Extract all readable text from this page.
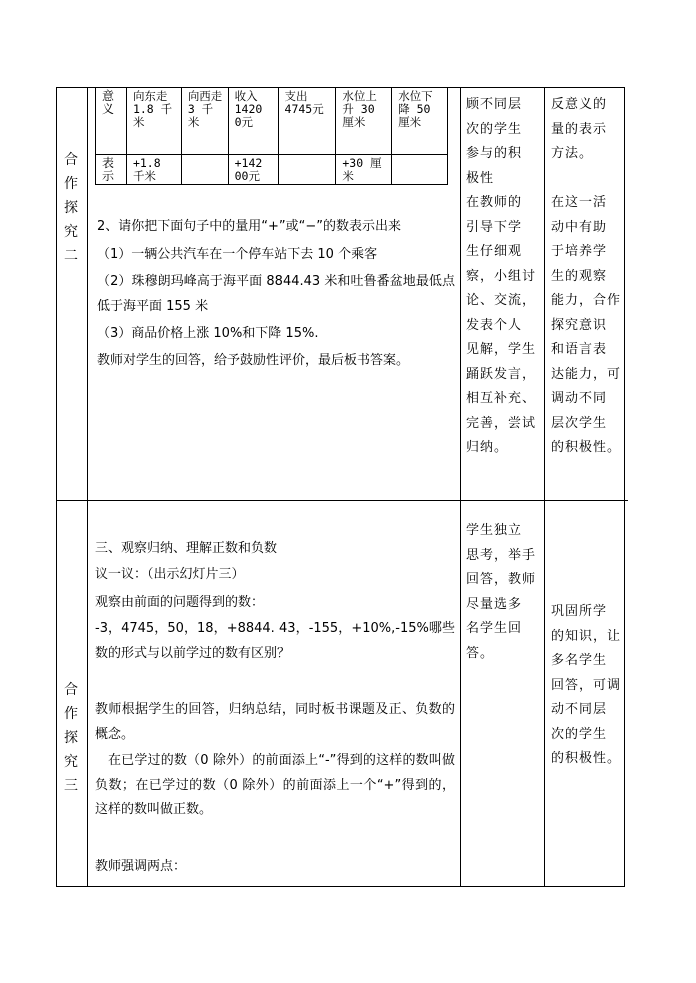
合
作
探
究
二
意义	向东走 1.8 千米	向西走 3 千米	收入 1420 0元	支出 4745元	水位上升 30 厘米	水位下降 50 厘米
表示	+1.8 千米		+142 00元		+30 厘米	
2、请你把下面句子中的量用“+”或“−”的数表示出来
（1）一辆公共汽车在一个停车站下去 10 个乘客
（2）珠穆朗玛峰高于海平面 8844.43 米和吐鲁番盆地最低点低于海平面 155 米
（3）商品价格上涨 10%和下降 15%.
教师对学生的回答，给予鼓励性评价，最后板书答案。
顾不同层
次的学生
参与的积
极性
在教师的
引导下学
生仔细观
察，小组讨
论、交流，
发表个人
见解，学生
踊跃发言，
相互补充、
完善，尝试
归纳。
反意义的
量的表示
方法。

在这一活
动中有助
于培养学
生的观察
能力，合作
探究意识
和语言表
达能力，可
调动不同
层次学生
的积极性。
合
作
探
究
三
三、观察归纳、理解正数和负数
议一议：（出示幻灯片三）
观察由前面的问题得到的数：
-3，4745，50，18，+8844. 43，-155，+10%,-15%哪些数的形式与以前学过的数有区别？
教师根据学生的回答，归纳总结，同时板书课题及正、负数的概念。
在已学过的数（0 除外）的前面添上“-”得到的这样的数叫做负数；在已学过的数（0 除外）的前面添上一个“+”得到的，这样的数叫做正数。
教师强调两点：
学生独立
思考，举手
回答，教师
尽量选多
名学生回
答。
巩固所学
的知识，让
多名学生
回答，可调
动不同层
次的学生
的积极性。
